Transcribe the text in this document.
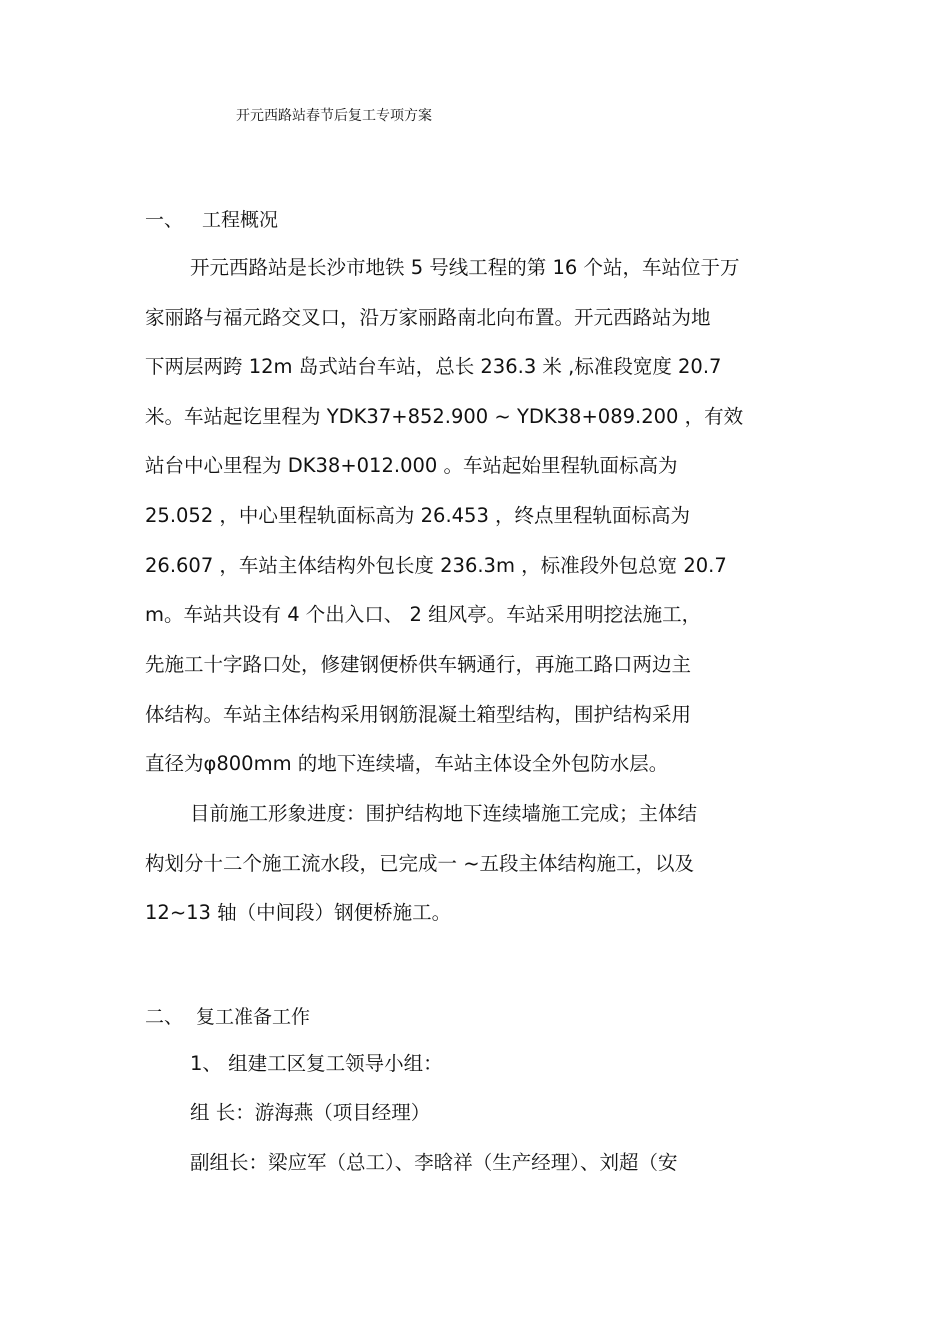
开元西路站春节后复工专项方案
一、 工程概况
开元西路站是长沙市地铁 5 号线工程的第 16 个站，车站位于万
家丽路与福元路交叉口，沿万家丽路南北向布置。开元西路站为地
下两层两跨 12m 岛式站台车站，总长 236.3 米 ,标准段宽度 20.7
米。车站起讫里程为 YDK37+852.900 ~ YDK38+089.200 ，有效
站台中心里程为 DK38+012.000 。车站起始里程轨面标高为
25.052 ，中心里程轨面标高为 26.453 ，终点里程轨面标高为
26.607 ，车站主体结构外包长度 236.3m ，标准段外包总宽 20.7
m。车站共设有 4 个出入口、 2 组风亭。车站采用明挖法施工，
先施工十字路口处，修建钢便桥供车辆通行，再施工路口两边主
体结构。车站主体结构采用钢筋混凝土箱型结构，围护结构采用
直径为φ800mm 的地下连续墙，车站主体设全外包防水层。
目前施工形象进度：围护结构地下连续墙施工完成；主体结
构划分十二个施工流水段，已完成一 ~五段主体结构施工，以及
12~13 轴（中间段）钢便桥施工。
二、 复工准备工作
1、 组建工区复工领导小组：
组 长：游海燕（项目经理）
副组长：梁应军（总工）、李晗祥（生产经理）、刘超（安
